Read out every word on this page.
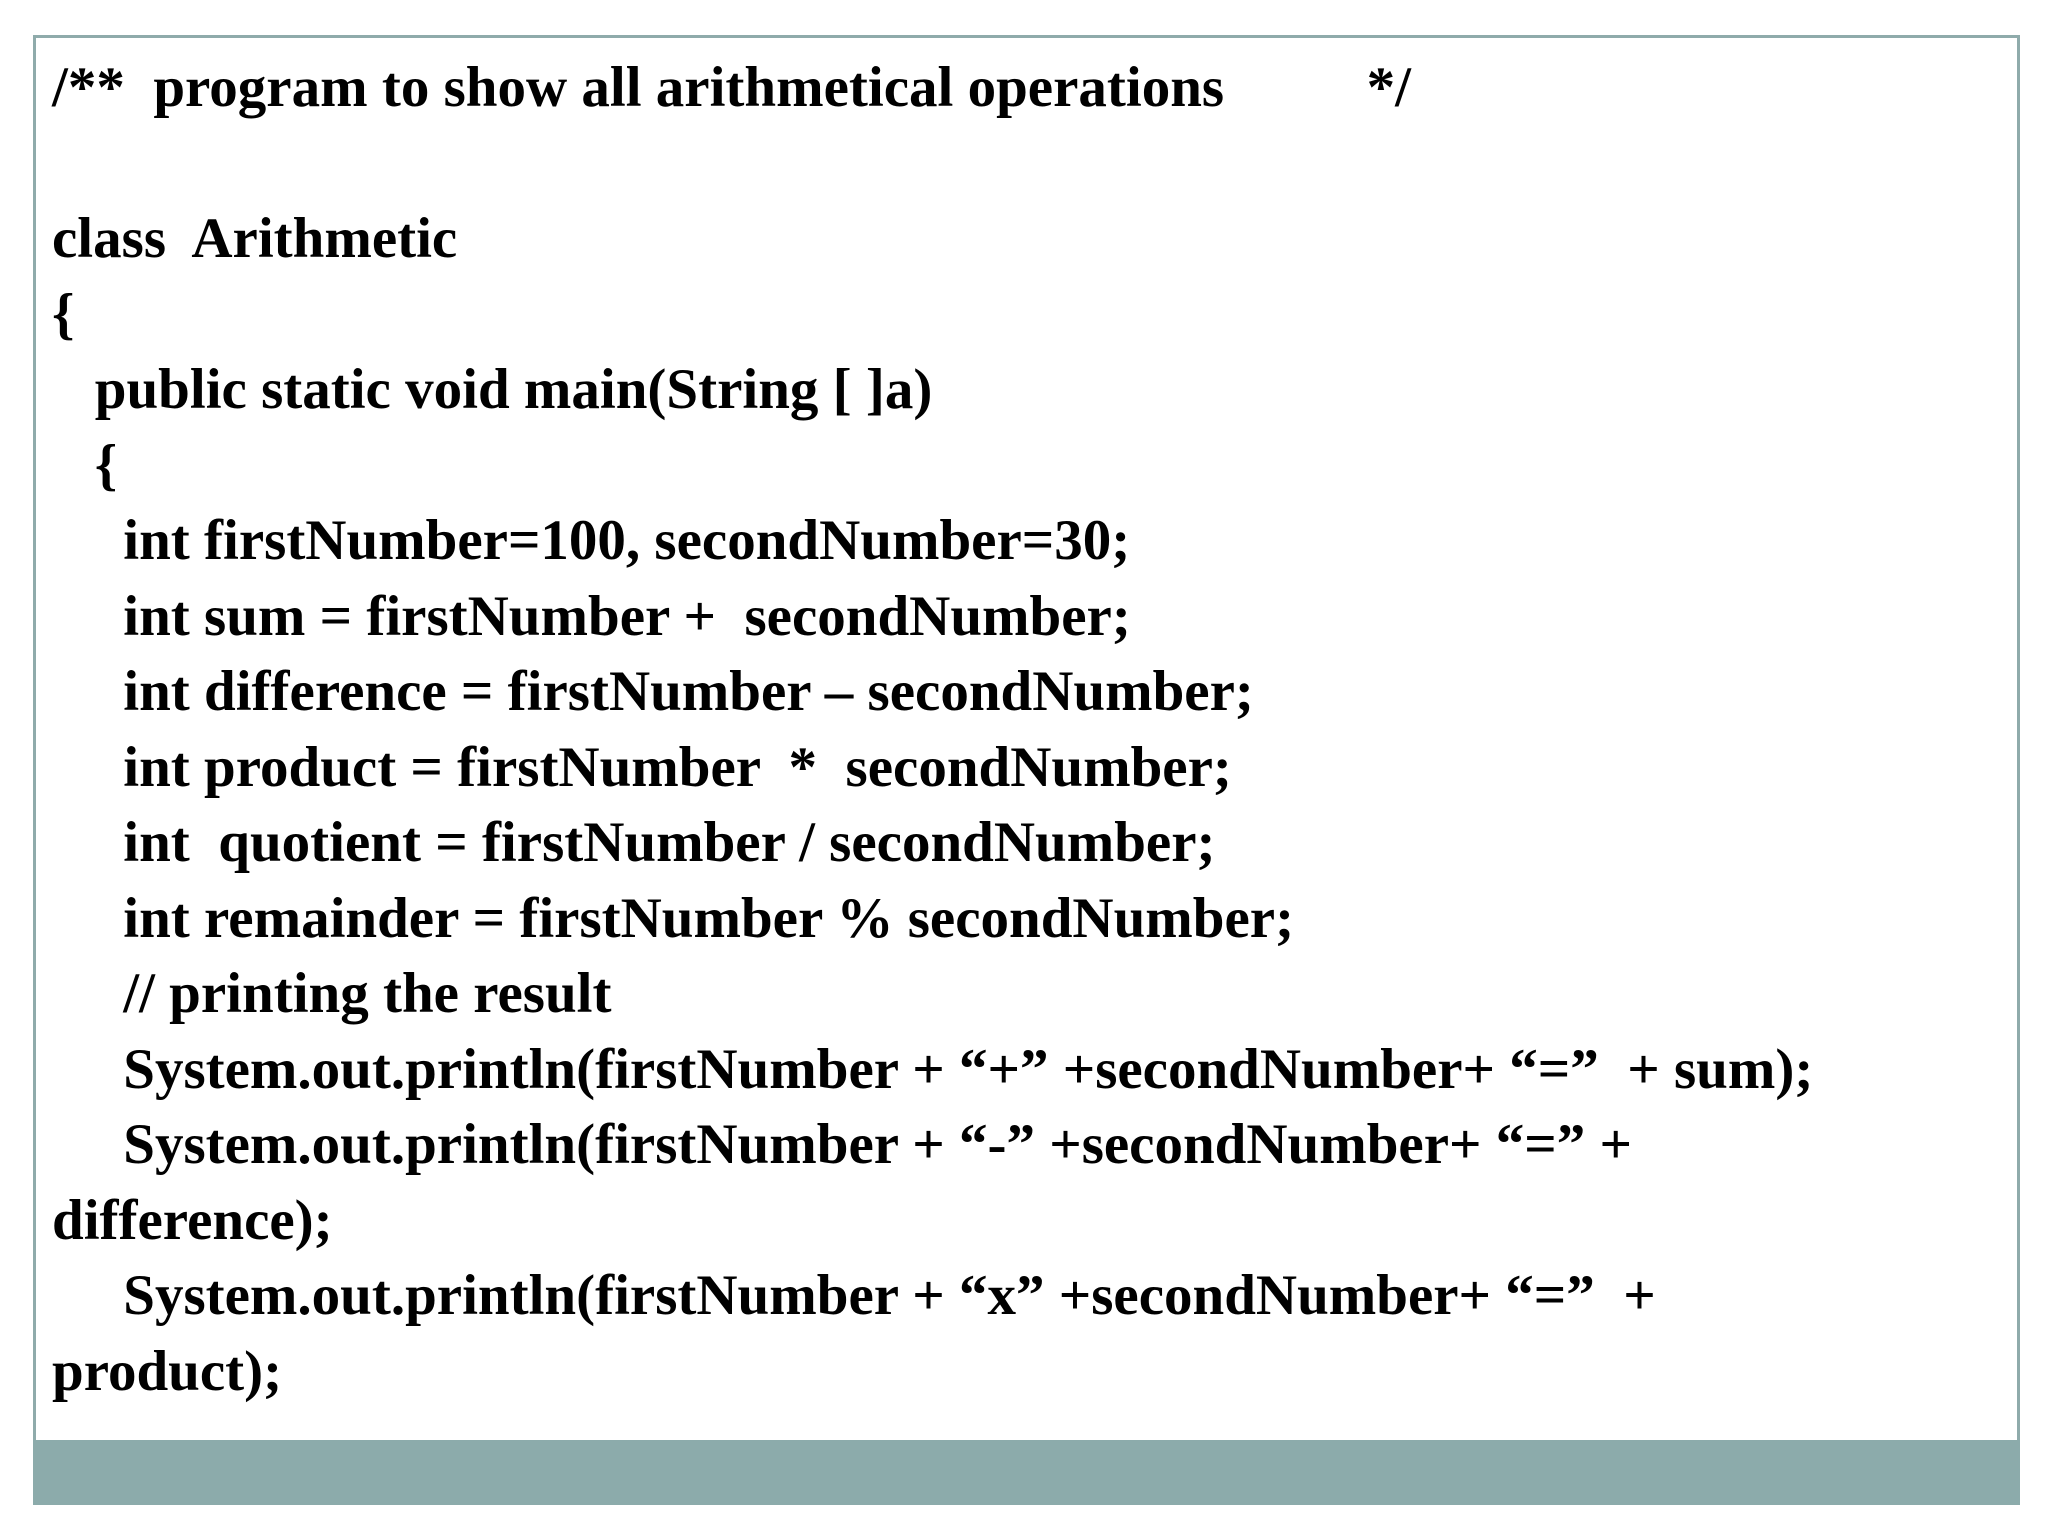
/**  program to show all arithmetical operations          */
class  Arithmetic
{
public static void main(String [ ]a)
{
int firstNumber=100, secondNumber=30;
int sum = firstNumber +  secondNumber;
int difference = firstNumber – secondNumber;
int product = firstNumber  *  secondNumber;
int  quotient = firstNumber / secondNumber;
int remainder = firstNumber % secondNumber;
// printing the result
System.out.println(firstNumber + “+” +secondNumber+ “=”  + sum);
System.out.println(firstNumber + “-” +secondNumber+ “=” +
difference);
System.out.println(firstNumber + “x” +secondNumber+ “=”  +
product);
